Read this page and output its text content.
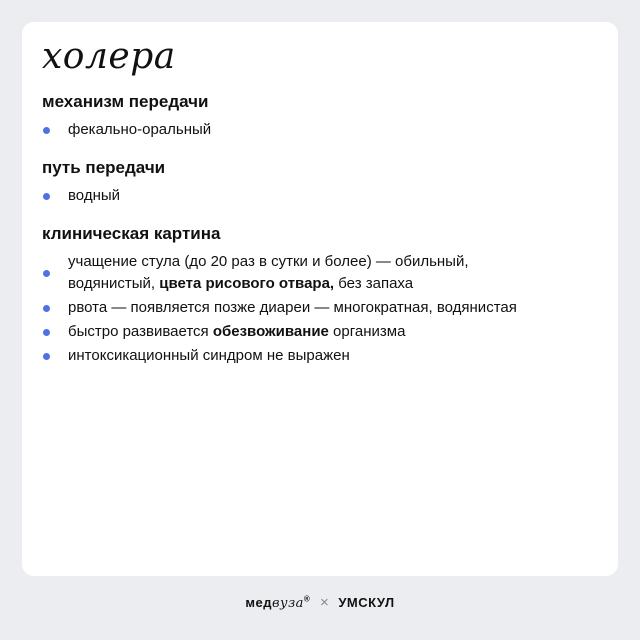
холера
механизм передачи
фекально-оральный
путь передачи
водный
клиническая картина
учащение стула (до 20 раз в сутки и более) — обильный,
водянистый, цвета рисового отвара, без запаха
рвота — появляется позже диареи — многократная, водянистая
быстро развивается обезвоживание организма
интоксикационный синдром не выражен
медвуза® × УМСКУЛ
